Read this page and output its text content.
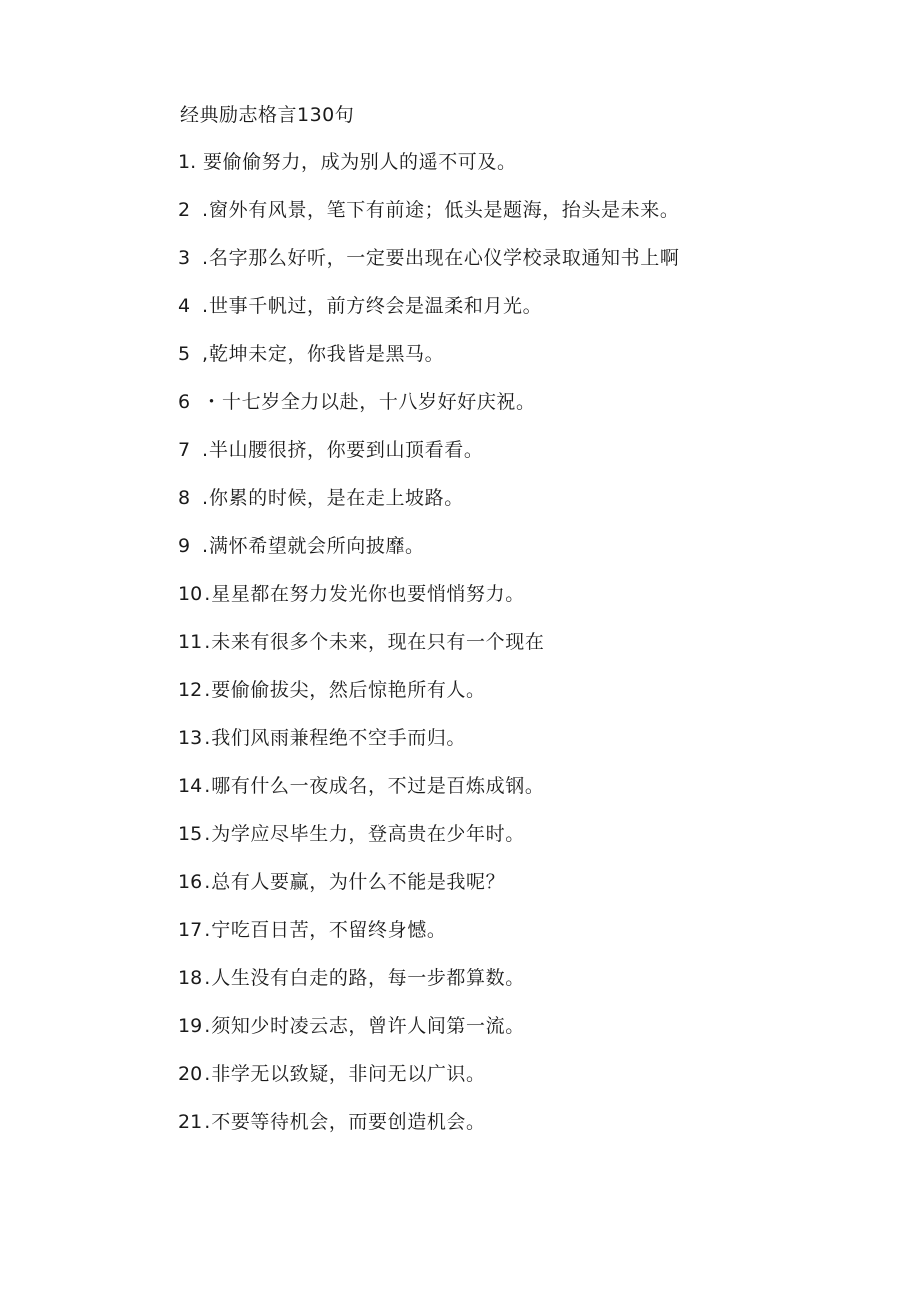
经典励志格言130句
1. 要偷偷努力，成为别人的遥不可及。
2 . 窗外有风景，笔下有前途；低头是题海，抬头是未来。
3 . 名字那么好听，一定要出现在心仪学校录取通知书上啊
4 . 世事千帆过，前方终会是温柔和月光。
5 , 乾坤未定，你我皆是黑马。
6 ・ 十七岁全力以赴，十八岁好好庆祝。
7 . 半山腰很挤，你要到山顶看看。
8 . 你累的时候，是在走上坡路。
9 . 满怀希望就会所向披靡。
10 . 星星都在努力发光你也要悄悄努力。
11 . 未来有很多个未来，现在只有一个现在
12 . 要偷偷拔尖，然后惊艳所有人。
13 . 我们风雨兼程绝不空手而归。
14 . 哪有什么一夜成名，不过是百炼成钢。
15 . 为学应尽毕生力，登高贵在少年时。
16 . 总有人要赢，为什么不能是我呢？
17 . 宁吃百日苦，不留终身憾。
18 . 人生没有白走的路，每一步都算数。
19 . 须知少时凌云志，曾许人间第一流。
20 . 非学无以致疑，非问无以广识。
21 . 不要等待机会，而要创造机会。
